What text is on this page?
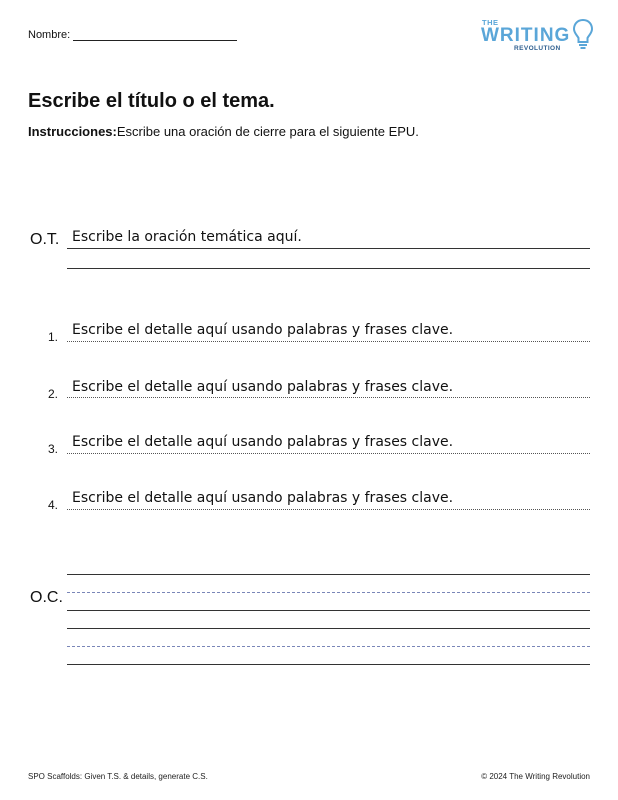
Nombre:
THE
WRITING
REVOLUTION
Escribe el título o el tema.
Instrucciones:Escribe una oración de cierre para el siguiente EPU.
O.T. Escribe la oración temática aquí.
1. Escribe el detalle aquí usando palabras y frases clave.
2. Escribe el detalle aquí usando palabras y frases clave.
3. Escribe el detalle aquí usando palabras y frases clave.
4. Escribe el detalle aquí usando palabras y frases clave.
O.C.
SPO Scaffolds: Given T.S. & details, generate C.S.	© 2024 The Writing Revolution
